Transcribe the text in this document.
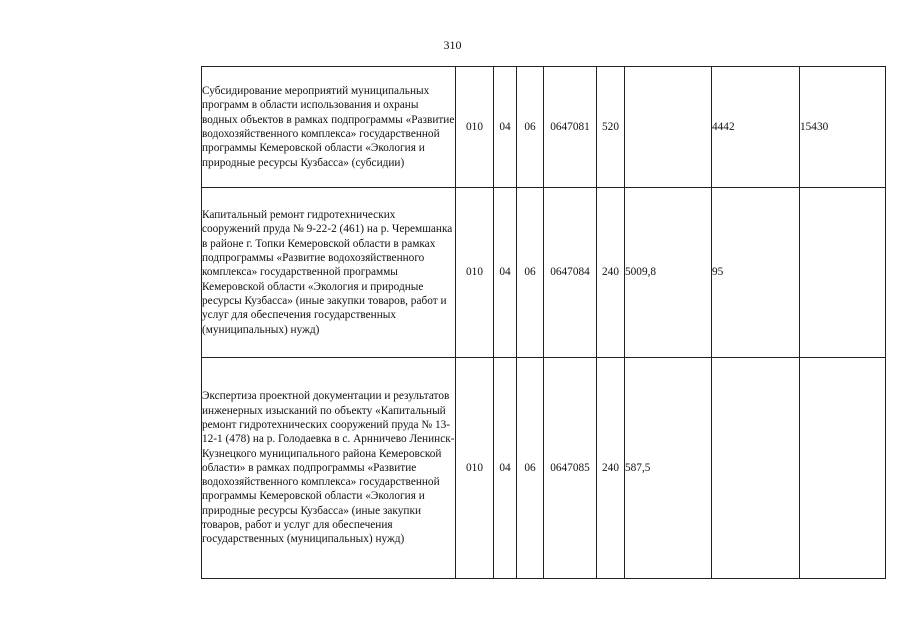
310
Субсидирование мероприятий муниципальных программ в области использования и охраны водных объектов в рамках подпрограммы «Развитие водохозяйственного комплекса» государственной программы Кемеровской области «Экология и природные ресурсы Кузбасса» (субсидии)	010	04	06	0647081	520		4442	15430
Капитальный ремонт гидротехнических сооружений пруда № 9-22-2 (461) на р. Черемшанка в районе г. Топки Кемеровской области в рамках подпрограммы «Развитие водохозяйственного комплекса» государственной программы Кемеровской области «Экология и природные ресурсы Кузбасса» (иные закупки товаров, работ и услуг для обеспечения государственных (муниципальных) нужд)	010	04	06	0647084	240	5009,8	95	
Экспертиза проектной документации и результатов инженерных изысканий по объекту «Капитальный ремонт гидротехнических сооружений пруда № 13-12-1 (478) на р. Голодаевка в с. Арнничево Ленинск-Кузнецкого муниципального района Кемеровской области» в рамках подпрограммы «Развитие водохозяйственного комплекса» государственной программы Кемеровской области «Экология и природные ресурсы Кузбасса» (иные закупки товаров, работ и услуг для обеспечения государственных (муниципальных) нужд)	010	04	06	0647085	240	587,5		
